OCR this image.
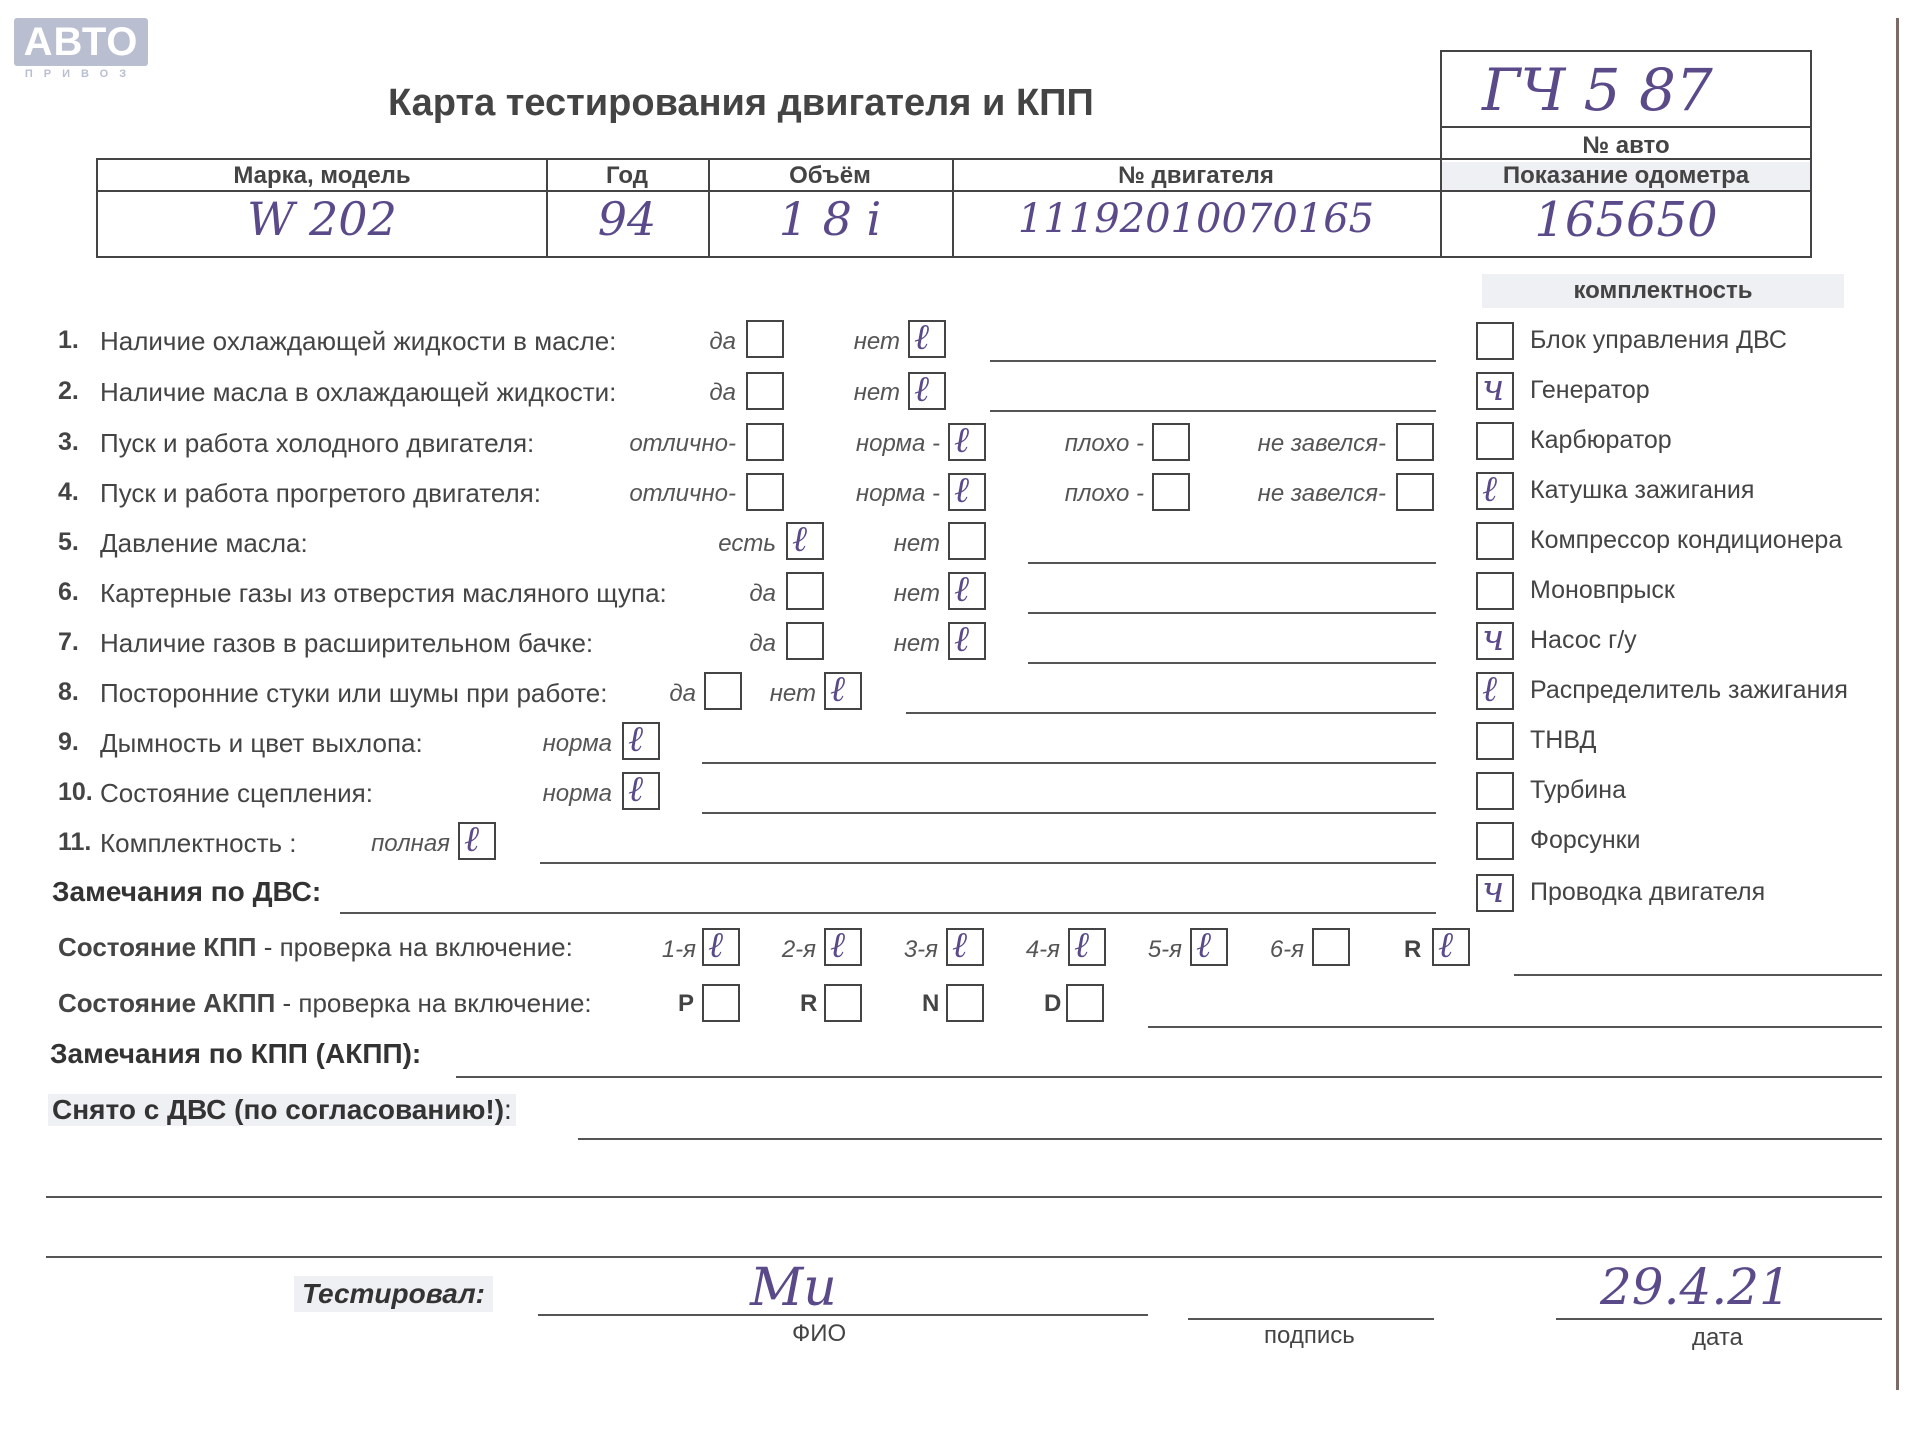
АВТО
ПРИВОЗ
Карта тестирования двигателя и КПП	ГЧ 5 87
№ авто
Марка, модель	Год	Объём	№ двигателя	Показание одометра
W 202	94	1 8 i	11192010070165	165650
комплектность
Блок управления ДВС
ч Генератор
Карбюратор
ℓ Катушка зажигания
Компрессор кондиционера
Моновпрыск
ч Насос г/у
ℓ Распределитель зажигания
ТНВД
Турбина
Форсунки
ч Проводка двигателя
1. Наличие охлаждающей жидкости в масле:	да	нет ℓ
2. Наличие масла в охлаждающей жидкости:	да	нет ℓ
3. Пуск и работа холодного двигателя:	отлично-	норма - ℓ	плохо -	не завелся-
4. Пуск и работа прогретого двигателя:	отлично-	норма - ℓ	плохо -	не завелся-
5. Давление масла:	есть ℓ	нет
6. Картерные газы из отверстия масляного щупа:	да	нет ℓ
7. Наличие газов в расширительном бачке:	да	нет ℓ
8. Посторонние стуки или шумы при работе:	да	нет ℓ
9. Дымность и цвет выхлопа:	норма ℓ
10. Состояние сцепления:	норма ℓ
11. Комплектность :	полная ℓ
Замечания по ДВС:
Состояние КПП - проверка на включение:	1-я ℓ	2-я ℓ	3-я ℓ	4-я ℓ	5-я ℓ	6-я	R ℓ
Состояние АКПП - проверка на включение:	P	R	N	D
Замечания по КПП (АКПП):
Снято с ДВС (по согласованию!):
Тестировал:	Ми
ФИО	подпись
29.4.21
дата
